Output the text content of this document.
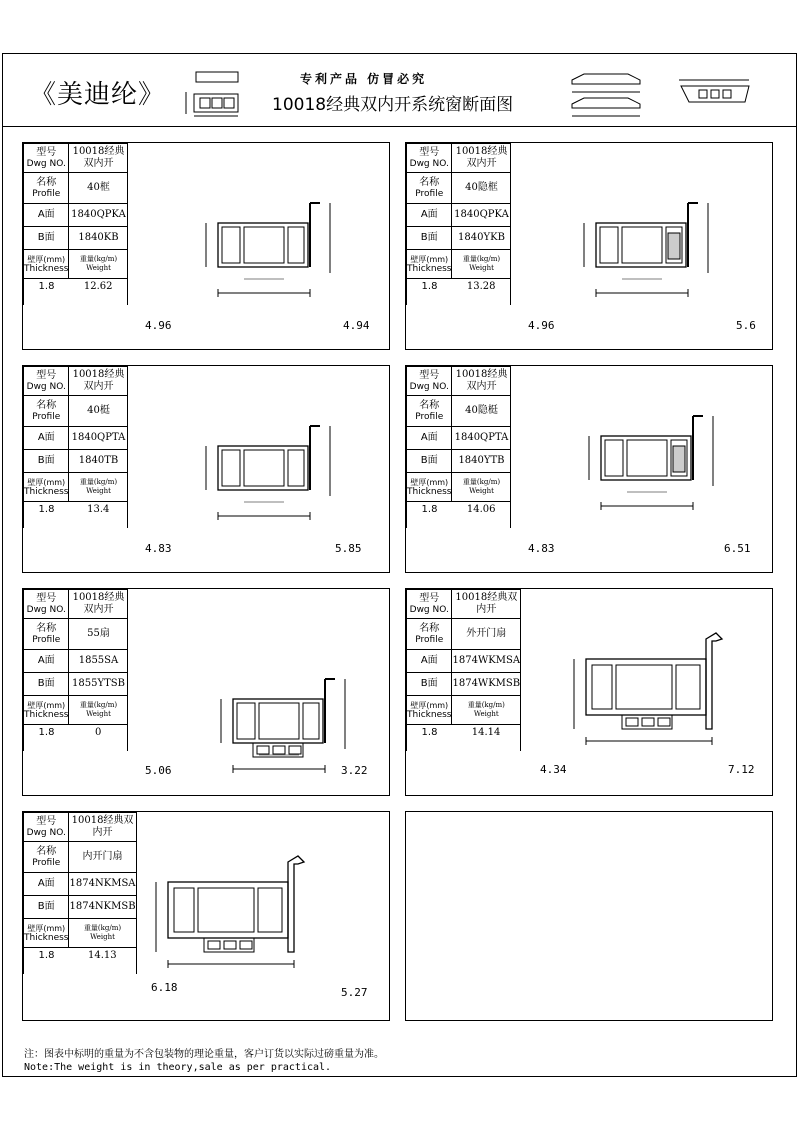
《美迪纶》
专利产品 仿冒必究
10018经典双内开系统窗断面图
型号
Dwg NO.	10018经典双内开
名称
Profile	40框
A面	1840QPKA
B面	1840KB

壁厚(mm)
Thickness	重量(kg/m)
Weight

1.8	12.62
4.96	4.94
型号
Dwg NO.	10018经典双内开
名称
Profile	40隐框
A面	1840QPKA
B面	1840YKB

壁厚(mm)
Thickness	重量(kg/m)
Weight

1.8	13.28
4.96	5.6
型号
Dwg NO.	10018经典双内开
名称
Profile	40梃
A面	1840QPTA
B面	1840TB

壁厚(mm)
Thickness	重量(kg/m)
Weight

1.8	13.4
4.83	5.85
型号
Dwg NO.	10018经典双内开
名称
Profile	40隐梃
A面	1840QPTA
B面	1840YTB

壁厚(mm)
Thickness	重量(kg/m)
Weight

1.8	14.06
4.83	6.51
型号
Dwg NO.	10018经典双内开
名称
Profile	55扇
A面	1855SA
B面	1855YTSB

壁厚(mm)
Thickness	重量(kg/m)
Weight

1.8	0
5.06	3.22
型号
Dwg NO.	10018经典双内开
名称
Profile	外开门扇
A面	1874WKMSA
B面	1874WKMSB

壁厚(mm)
Thickness	重量(kg/m)
Weight

1.8	14.14
4.34	7.12
型号
Dwg NO.	10018经典双内开
名称
Profile	内开门扇
A面	1874NKMSA
B面	1874NKMSB

壁厚(mm)
Thickness	重量(kg/m)
Weight

1.8	14.13
6.18	5.27
注：图表中标明的重量为不含包装物的理论重量，客户订货以实际过磅重量为准。
Note:The weight is in theory,sale as per practical.
